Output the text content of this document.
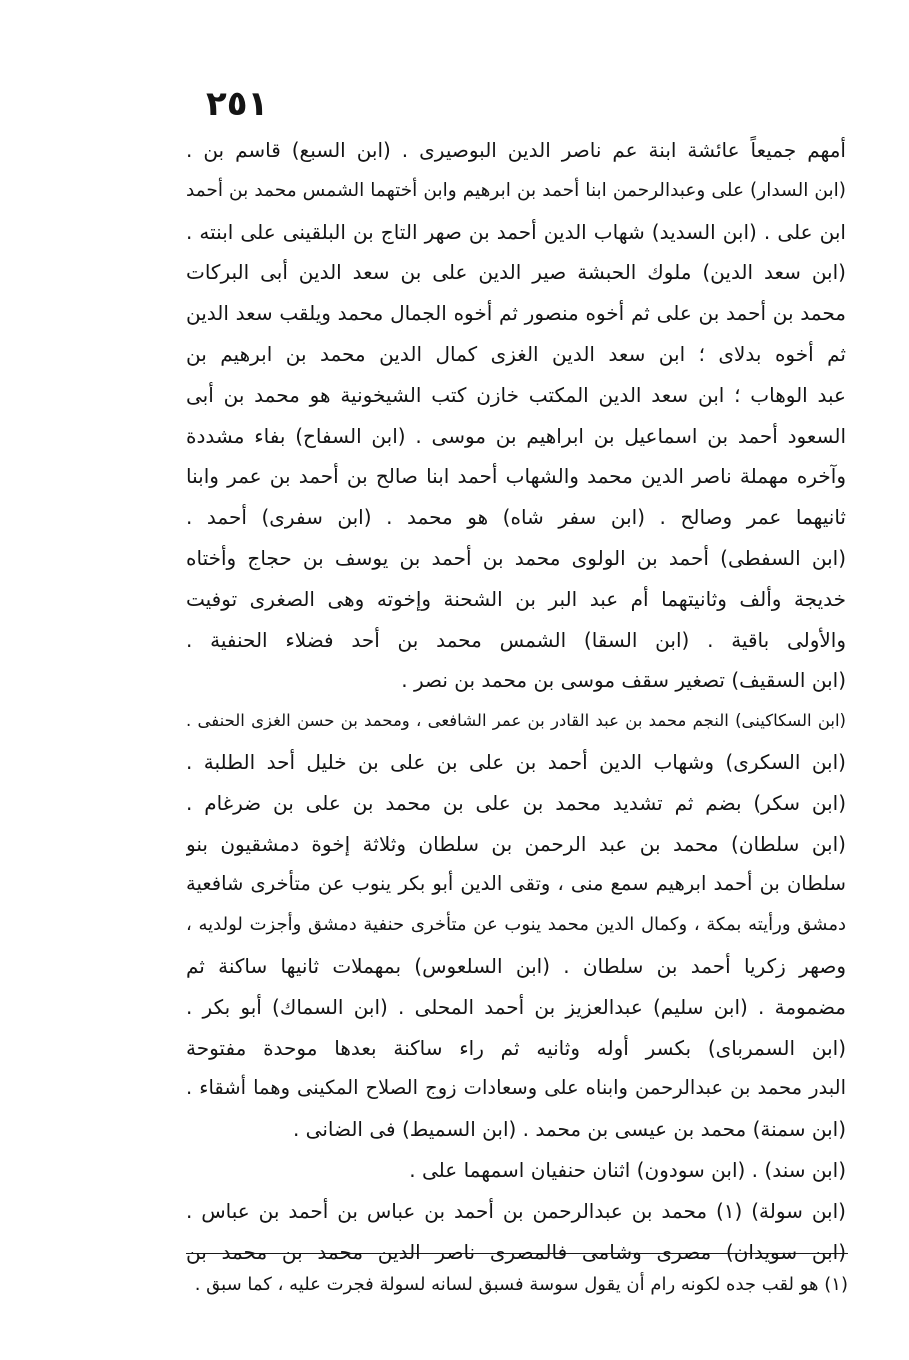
٢٥١
أمهم جميعاً عائشة ابنة عم ناصر الدين البوصيرى . (ابن السبع) قاسم بن .
(ابن السدار) على وعبدالرحمن ابنا أحمد بن ابرهيم وابن أختهما الشمس محمد بن أحمد
ابن على . (ابن السديد) شهاب الدين أحمد بن صهر التاج بن البلقينى على ابنته .
(ابن سعد الدين) ملوك الحبشة صير الدين على بن سعد الدين أبى البركات
محمد بن أحمد بن على ثم أخوه منصور ثم أخوه الجمال محمد ويلقب سعد الدين
ثم أخوه بدلاى ؛ ابن سعد الدين الغزى كمال الدين محمد بن ابرهيم بن
عبد الوهاب ؛ ابن سعد الدين المكتب خازن كتب الشيخونية هو محمد بن أبى
السعود أحمد بن اسماعيل بن ابراهيم بن موسى . (ابن السفاح) بفاء مشددة
وآخره مهملة ناصر الدين محمد والشهاب أحمد ابنا صالح بن أحمد بن عمر وابنا
ثانيهما عمر وصالح . (ابن سفر شاه) هو محمد . (ابن سفرى) أحمد .
(ابن السفطى) أحمد بن الولوى محمد بن أحمد بن يوسف بن حجاج وأختاه
خديجة وألف وثانيتهما أم عبد البر بن الشحنة وإخوته وهى الصغرى توفيت
والأولى باقية . (ابن السقا) الشمس محمد بن أحد فضلاء الحنفية .
(ابن السقيف) تصغير سقف موسى بن محمد بن نصر .
(ابن السكاكينى) النجم محمد بن عبد القادر بن عمر الشافعى ، ومحمد بن حسن الغزى الحنفى .
(ابن السكرى) وشهاب الدين أحمد بن على بن على بن خليل أحد الطلبة .
(ابن سكر) بضم ثم تشديد محمد بن على بن محمد بن على بن ضرغام .
(ابن سلطان) محمد بن عبد الرحمن بن سلطان وثلاثة إخوة دمشقيون بنو
سلطان بن أحمد ابرهيم سمع منى ، وتقى الدين أبو بكر ينوب عن متأخرى شافعية
دمشق ورأيته بمكة ، وكمال الدين محمد ينوب عن متأخرى حنفية دمشق وأجزت لولديه ،
وصهر زكريا أحمد بن سلطان . (ابن السلعوس) بمهملات ثانيها ساكنة ثم
مضمومة . (ابن سليم) عبدالعزيز بن أحمد المحلى . (ابن السماك) أبو بكر .
(ابن السمربای) بكسر أوله وثانيه ثم راء ساكنة بعدها موحدة مفتوحة
البدر محمد بن عبدالرحمن وابناه على وسعادات زوج الصلاح المكينى وهما أشقاء .
(ابن سمنة) محمد بن عيسى بن محمد . (ابن السميط) فى الضانى .
(ابن سند) . (ابن سودون) اثنان حنفيان اسمهما على .
(ابن سولة) (١) محمد بن عبدالرحمن بن أحمد بن عباس بن أحمد بن عباس .
(ابن سويدان) مصرى وشامى فالمصرى ناصر الدين محمد بن محمد بن
(١) هو لقب جده لكونه رام أن يقول سوسة فسبق لسانه لسولة فجرت عليه ، كما سبق .
